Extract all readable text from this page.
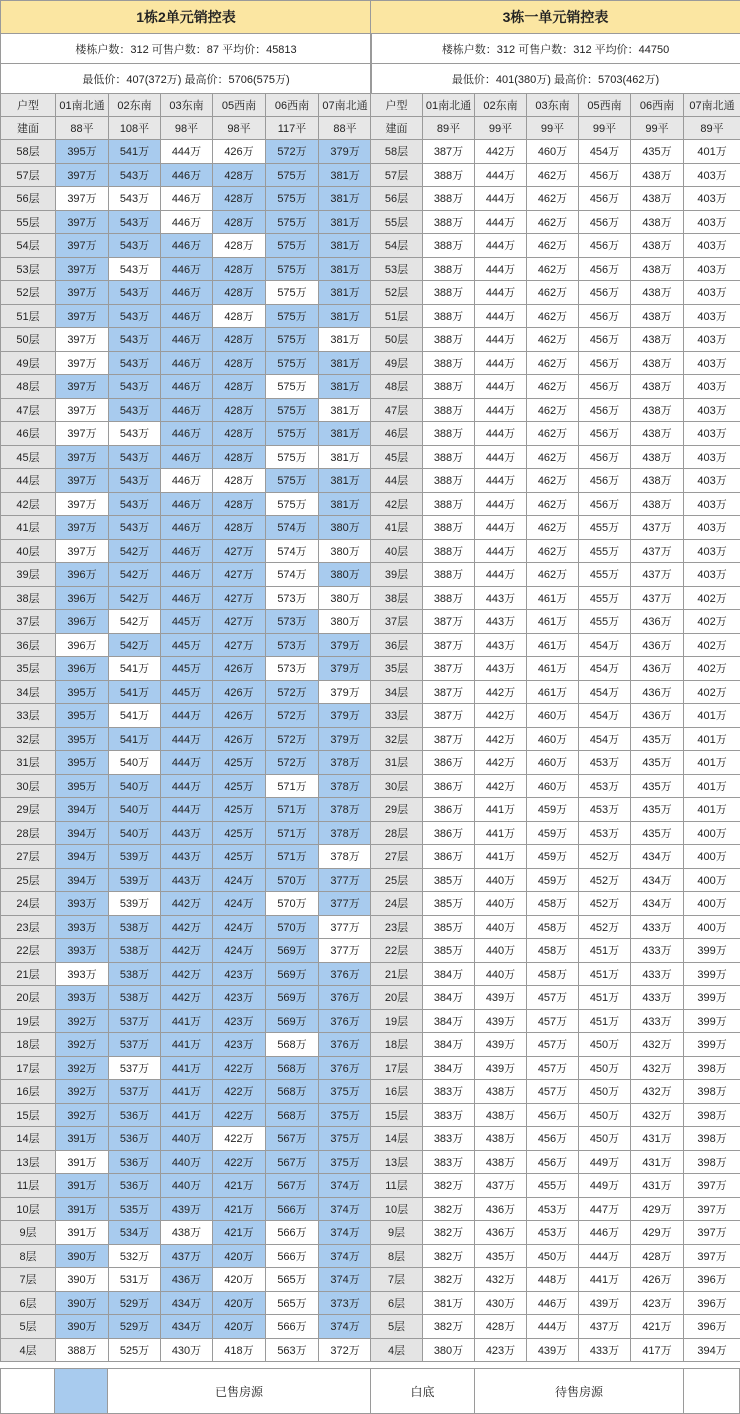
1栋2单元销控表						
楼栋户数：312 可售户数：87 平均价：45813						
最低价：407(372万) 最高价：5706(575万)						
户型	01南北通	02东南	03东南	05西南	06西南	07南北通
建面	88平	108平	98平	98平	117平	88平
58层	395万	541万	444万	426万	572万	379万
57层	397万	543万	446万	428万	575万	381万
56层	397万	543万	446万	428万	575万	381万
55层	397万	543万	446万	428万	575万	381万
54层	397万	543万	446万	428万	575万	381万
53层	397万	543万	446万	428万	575万	381万
52层	397万	543万	446万	428万	575万	381万
51层	397万	543万	446万	428万	575万	381万
50层	397万	543万	446万	428万	575万	381万
49层	397万	543万	446万	428万	575万	381万
48层	397万	543万	446万	428万	575万	381万
47层	397万	543万	446万	428万	575万	381万
46层	397万	543万	446万	428万	575万	381万
45层	397万	543万	446万	428万	575万	381万
44层	397万	543万	446万	428万	575万	381万
42层	397万	543万	446万	428万	575万	381万
41层	397万	543万	446万	428万	574万	380万
40层	397万	542万	446万	427万	574万	380万
39层	396万	542万	446万	427万	574万	380万
38层	396万	542万	446万	427万	573万	380万
37层	396万	542万	445万	427万	573万	380万
36层	396万	542万	445万	427万	573万	379万
35层	396万	541万	445万	426万	573万	379万
34层	395万	541万	445万	426万	572万	379万
33层	395万	541万	444万	426万	572万	379万
32层	395万	541万	444万	426万	572万	379万
31层	395万	540万	444万	425万	572万	378万
30层	395万	540万	444万	425万	571万	378万
29层	394万	540万	444万	425万	571万	378万
28层	394万	540万	443万	425万	571万	378万
27层	394万	539万	443万	425万	571万	378万
25层	394万	539万	443万	424万	570万	377万
24层	393万	539万	442万	424万	570万	377万
23层	393万	538万	442万	424万	570万	377万
22层	393万	538万	442万	424万	569万	377万
21层	393万	538万	442万	423万	569万	376万
20层	393万	538万	442万	423万	569万	376万
19层	392万	537万	441万	423万	569万	376万
18层	392万	537万	441万	423万	568万	376万
17层	392万	537万	441万	422万	568万	376万
16层	392万	537万	441万	422万	568万	375万
15层	392万	536万	441万	422万	568万	375万
14层	391万	536万	440万	422万	567万	375万
13层	391万	536万	440万	422万	567万	375万
11层	391万	536万	440万	421万	567万	374万
10层	391万	535万	439万	421万	566万	374万
9层	391万	534万	438万	421万	566万	374万
8层	390万	532万	437万	420万	566万	374万
7层	390万	531万	436万	420万	565万	374万
6层	390万	529万	434万	420万	565万	373万
5层	390万	529万	434万	420万	566万	374万
4层	388万	525万	430万	418万	563万	372万
3栋一单元销控表						
楼栋户数：312 可售户数：312 平均价：44750						
最低价：401(380万) 最高价：5703(462万)						
户型	01南北通	02东南	03东南	05西南	06西南	07南北通
建面	89平	99平	99平	99平	99平	89平
58层	387万	442万	460万	454万	435万	401万
57层	388万	444万	462万	456万	438万	403万
56层	388万	444万	462万	456万	438万	403万
55层	388万	444万	462万	456万	438万	403万
54层	388万	444万	462万	456万	438万	403万
53层	388万	444万	462万	456万	438万	403万
52层	388万	444万	462万	456万	438万	403万
51层	388万	444万	462万	456万	438万	403万
50层	388万	444万	462万	456万	438万	403万
49层	388万	444万	462万	456万	438万	403万
48层	388万	444万	462万	456万	438万	403万
47层	388万	444万	462万	456万	438万	403万
46层	388万	444万	462万	456万	438万	403万
45层	388万	444万	462万	456万	438万	403万
44层	388万	444万	462万	456万	438万	403万
42层	388万	444万	462万	456万	438万	403万
41层	388万	444万	462万	455万	437万	403万
40层	388万	444万	462万	455万	437万	403万
39层	388万	444万	462万	455万	437万	403万
38层	388万	443万	461万	455万	437万	402万
37层	387万	443万	461万	455万	436万	402万
36层	387万	443万	461万	454万	436万	402万
35层	387万	443万	461万	454万	436万	402万
34层	387万	442万	461万	454万	436万	402万
33层	387万	442万	460万	454万	436万	401万
32层	387万	442万	460万	454万	435万	401万
31层	386万	442万	460万	453万	435万	401万
30层	386万	442万	460万	453万	435万	401万
29层	386万	441万	459万	453万	435万	401万
28层	386万	441万	459万	453万	435万	400万
27层	386万	441万	459万	452万	434万	400万
25层	385万	440万	459万	452万	434万	400万
24层	385万	440万	458万	452万	434万	400万
23层	385万	440万	458万	452万	433万	400万
22层	385万	440万	458万	451万	433万	399万
21层	384万	440万	458万	451万	433万	399万
20层	384万	439万	457万	451万	433万	399万
19层	384万	439万	457万	451万	433万	399万
18层	384万	439万	457万	450万	432万	399万
17层	384万	439万	457万	450万	432万	398万
16层	383万	438万	457万	450万	432万	398万
15层	383万	438万	456万	450万	432万	398万
14层	383万	438万	456万	450万	431万	398万
13层	383万	438万	456万	449万	431万	398万
11层	382万	437万	455万	449万	431万	397万
10层	382万	436万	453万	447万	429万	397万
9层	382万	436万	453万	446万	429万	397万
8层	382万	435万	450万	444万	428万	397万
7层	382万	432万	448万	441万	426万	396万
6层	381万	430万	446万	439万	423万	396万
5层	382万	428万	444万	437万	421万	396万
4层	380万	423万	439万	433万	417万	394万
已售房源	白底	待售房源
